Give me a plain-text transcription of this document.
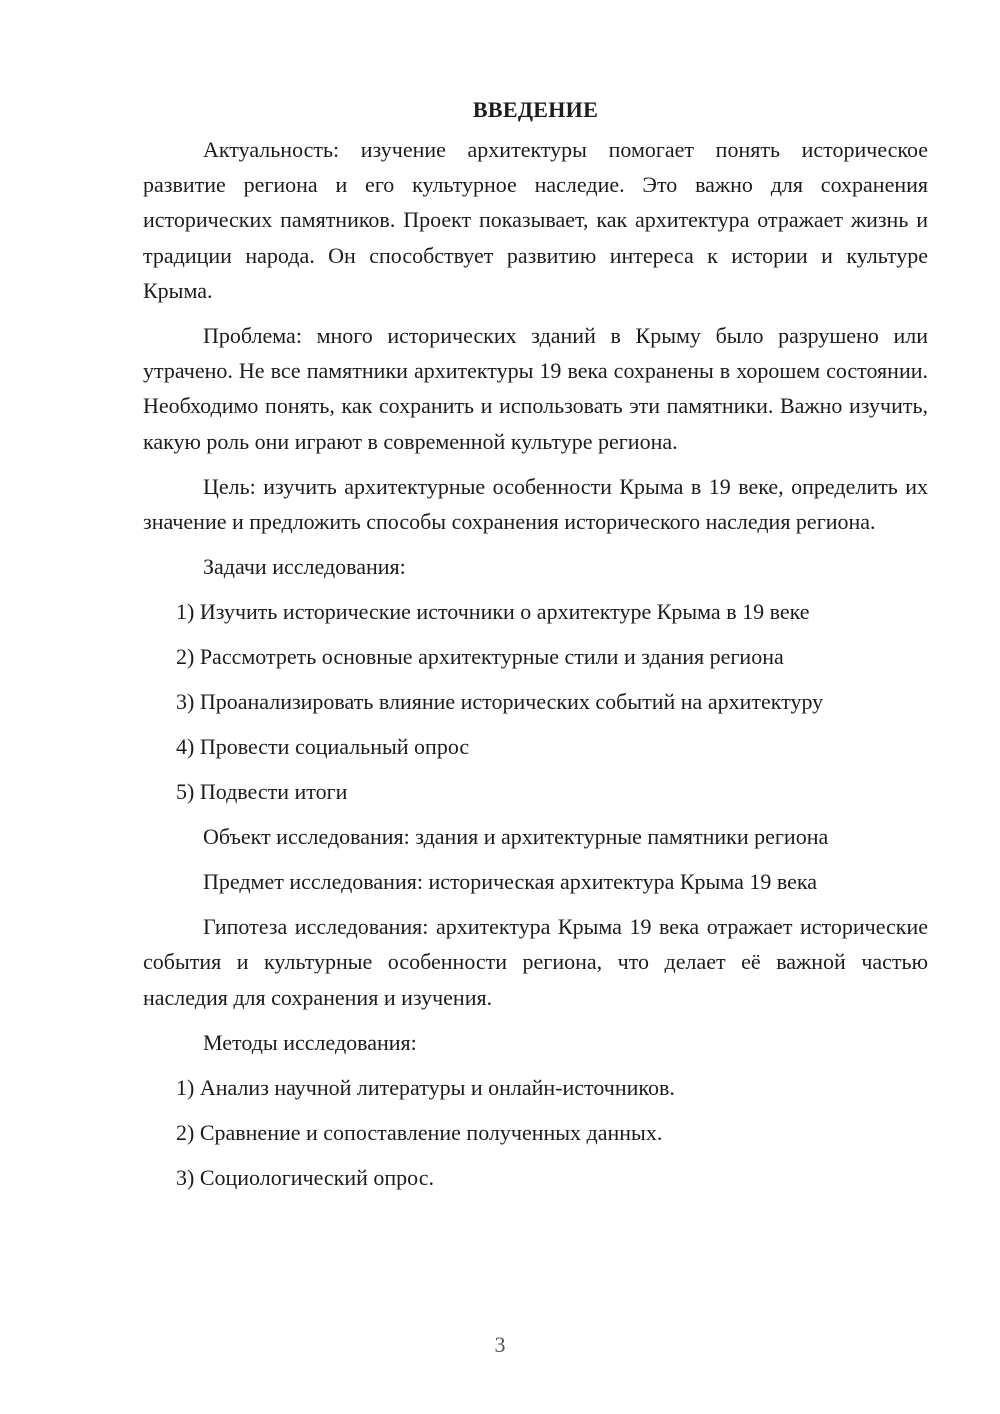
ВВЕДЕНИЕ

Актуальность: изучение архитектуры помогает понять историческое развитие региона и его культурное наследие. Это важно для сохранения исторических памятников. Проект показывает, как архитектура отражает жизнь и традиции народа. Он способствует развитию интереса к истории и культуре Крыма.

Проблема: много исторических зданий в Крыму было разрушено или утрачено. Не все памятники архитектуры 19 века сохранены в хорошем состоянии. Необходимо понять, как сохранить и использовать эти памятники. Важно изучить, какую роль они играют в современной культуре региона.

Цель: изучить архитектурные особенности Крыма в 19 веке, определить их значение и предложить способы сохранения исторического наследия региона.

Задачи исследования:
1) Изучить исторические источники о архитектуре Крыма в 19 веке
2) Рассмотреть основные архитектурные стили и здания региона
3) Проанализировать влияние исторических событий на архитектуру
4) Провести социальный опрос
5) Подвести итоги
Объект исследования: здания и архитектурные памятники региона
Предмет исследования: историческая архитектура Крыма 19 века

Гипотеза исследования: архитектура Крыма 19 века отражает исторические события и культурные особенности региона, что делает её важной частью наследия для сохранения и изучения.

Методы исследования:
1) Анализ научной литературы и онлайн-источников.
2) Сравнение и сопоставление полученных данных.
3) Социологический опрос.
3
